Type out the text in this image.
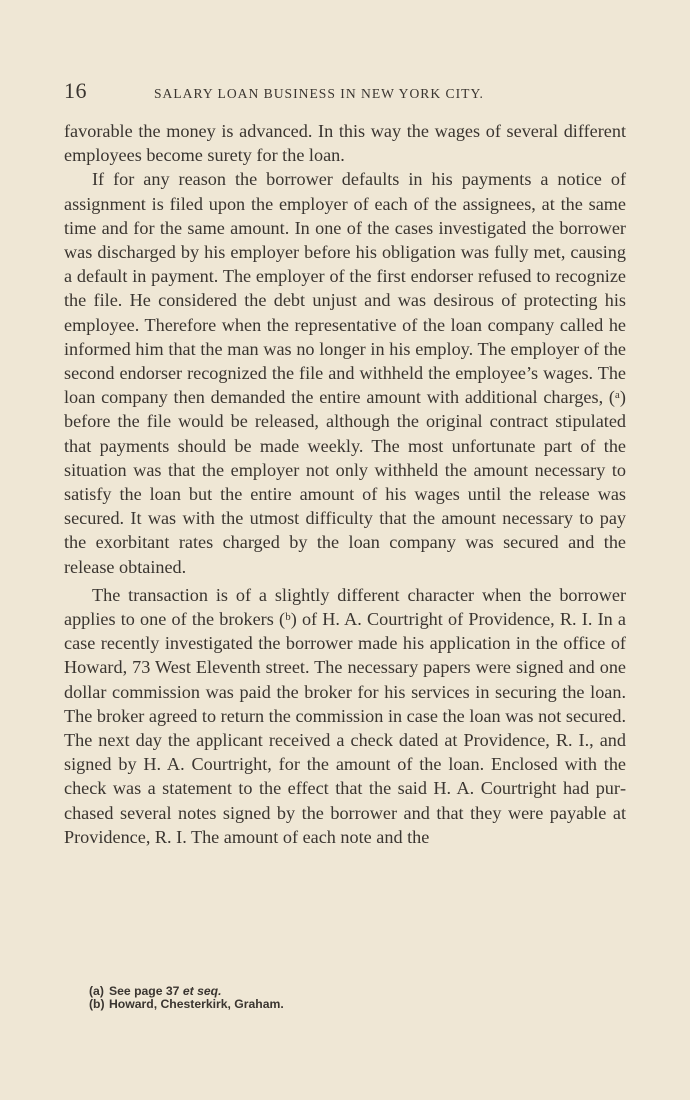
16	SALARY LOAN BUSINESS IN NEW YORK CITY.

favorable the money is advanced. In this way the wages of several different employees become surety for the loan.

If for any reason the borrower defaults in his payments a notice of assignment is filed upon the employer of each of the assignees, at the same time and for the same amount. In one of the cases investigated the borrower was discharged by his employer before his obligation was fully met, causing a default in payment. The employer of the first endorser refused to recognize the file. He considered the debt unjust and was desirous of protecting his employee. Therefore when the representative of the loan company called he informed him that the man was no longer in his employ. The employer of the second endorser recognized the file and withheld the employee’s wages. The loan company then demanded the entire amount with additional charges, (ᵃ) before the file would be released, although the original contract stipulated that payments should be made weekly. The most unfortunate part of the situation was that the employer not only withheld the amount necessary to satisfy the loan but the entire amount of his wages until the release was secured. It was with the utmost difficulty that the amount necessary to pay the exorbitant rates charged by the loan company was secured and the release obtained.

The transaction is of a slightly different character when the borrower applies to one of the brokers (ᵇ) of H. A. Courtright of Providence, R. I. In a case recently investigated the borrower made his application in the office of Howard, 73 West Eleventh street. The necessary papers were signed and one dollar commission was paid the broker for his services in securing the loan. The broker agreed to return the commission in case the loan was not secured. The next day the applicant received a check dated at Providence, R. I., and signed by H. A. Courtright, for the amount of the loan. Enclosed with the check was a statement to the effect that the said H. A. Courtright had purchased several notes signed by the borrower and that they were payable at Providence, R. I. The amount of each note and the

(a) See page 37 et seq.
(b) Howard, Chesterkirk, Graham.
